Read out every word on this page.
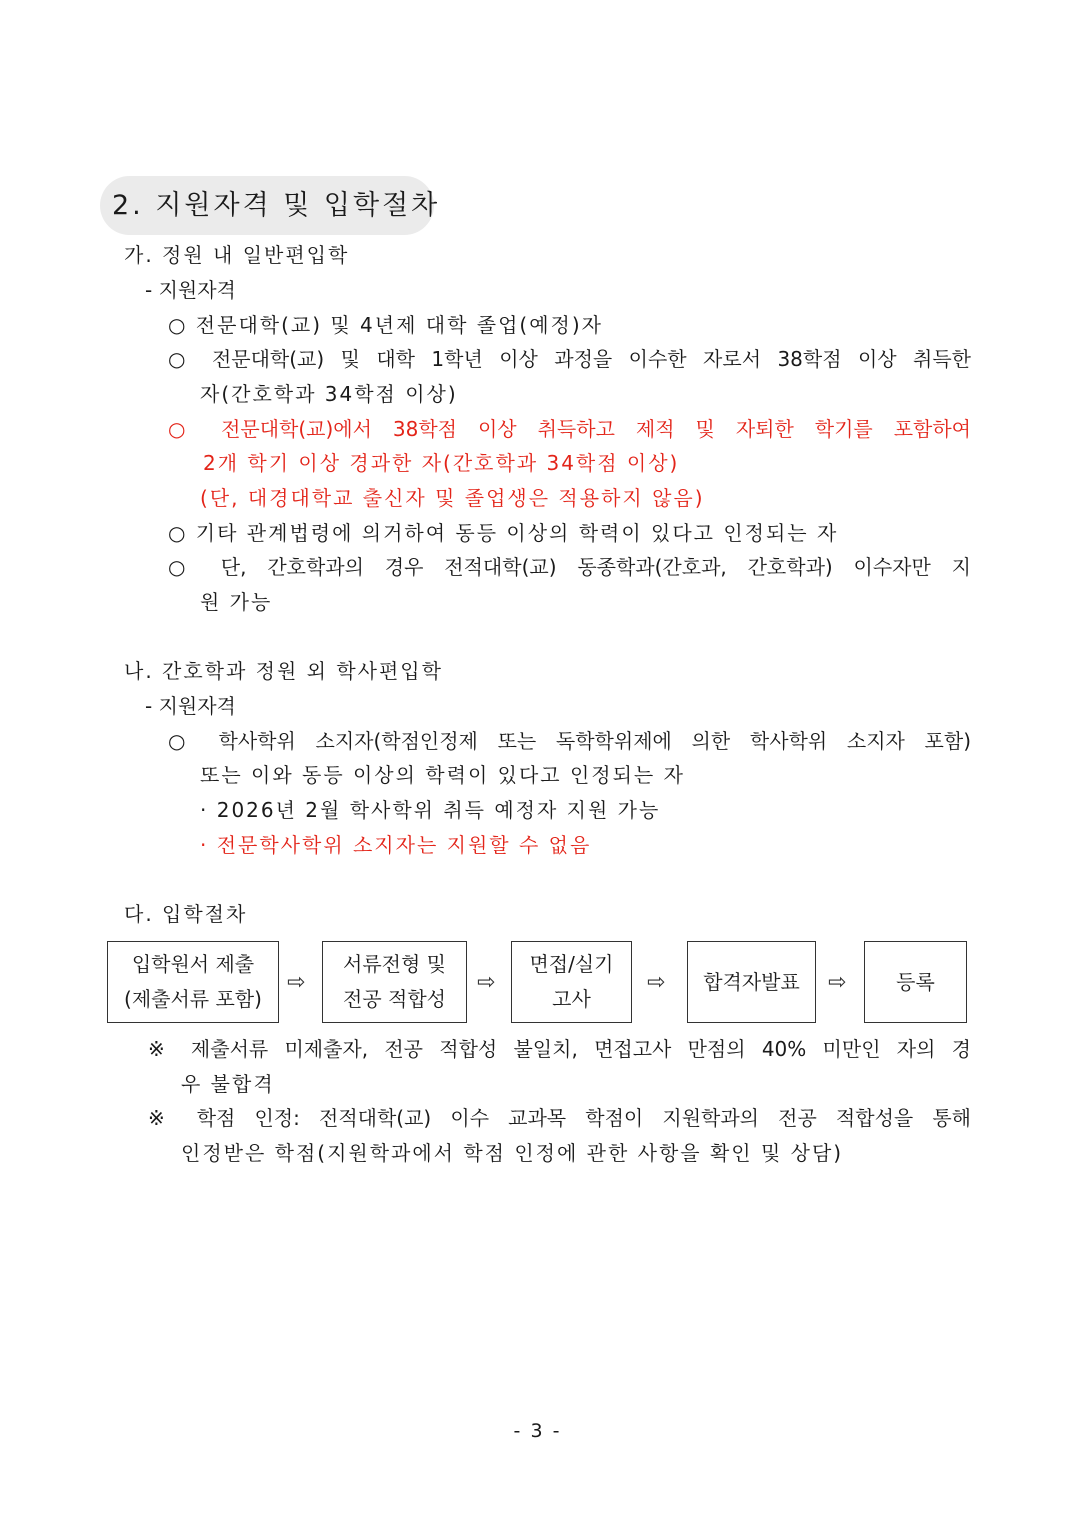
2. 지원자격 및 입학절차
가. 정원 내 일반편입학
- 지원자격
○ 전문대학(교) 및 4년제 대학 졸업(예정)자
○ 전문대학(교) 및 대학 1학년 이상 과정을 이수한 자로서 38학점 이상 취득한
자(간호학과 34학점 이상)
○ 전문대학(교)에서 38학점 이상 취득하고 제적 및 자퇴한 학기를 포함하여
2개 학기 이상 경과한 자(간호학과 34학점 이상)
(단, 대경대학교 출신자 및 졸업생은 적용하지 않음)
○ 기타 관계법령에 의거하여 동등 이상의 학력이 있다고 인정되는 자
○ 단, 간호학과의 경우 전적대학(교) 동종학과(간호과, 간호학과) 이수자만 지
원 가능
나. 간호학과 정원 외 학사편입학
- 지원자격
○ 학사학위 소지자(학점인정제 또는 독학학위제에 의한 학사학위 소지자 포함)
또는 이와 동등 이상의 학력이 있다고 인정되는 자
· 2026년 2월 학사학위 취득 예정자 지원 가능
· 전문학사학위 소지자는 지원할 수 없음
다. 입학절차
입학원서 제출
(제출서류 포함)
⇨
서류전형 및
전공 적합성
⇨
면접/실기
고사
⇨ 합격자발표 ⇨ 등록
※ 제출서류 미제출자, 전공 적합성 불일치, 면접고사 만점의 40% 미만인 자의 경
우 불합격
※ 학점 인정: 전적대학(교) 이수 교과목 학점이 지원학과의 전공 적합성을 통해
인정받은 학점(지원학과에서 학점 인정에 관한 사항을 확인 및 상담)
- 3 -
